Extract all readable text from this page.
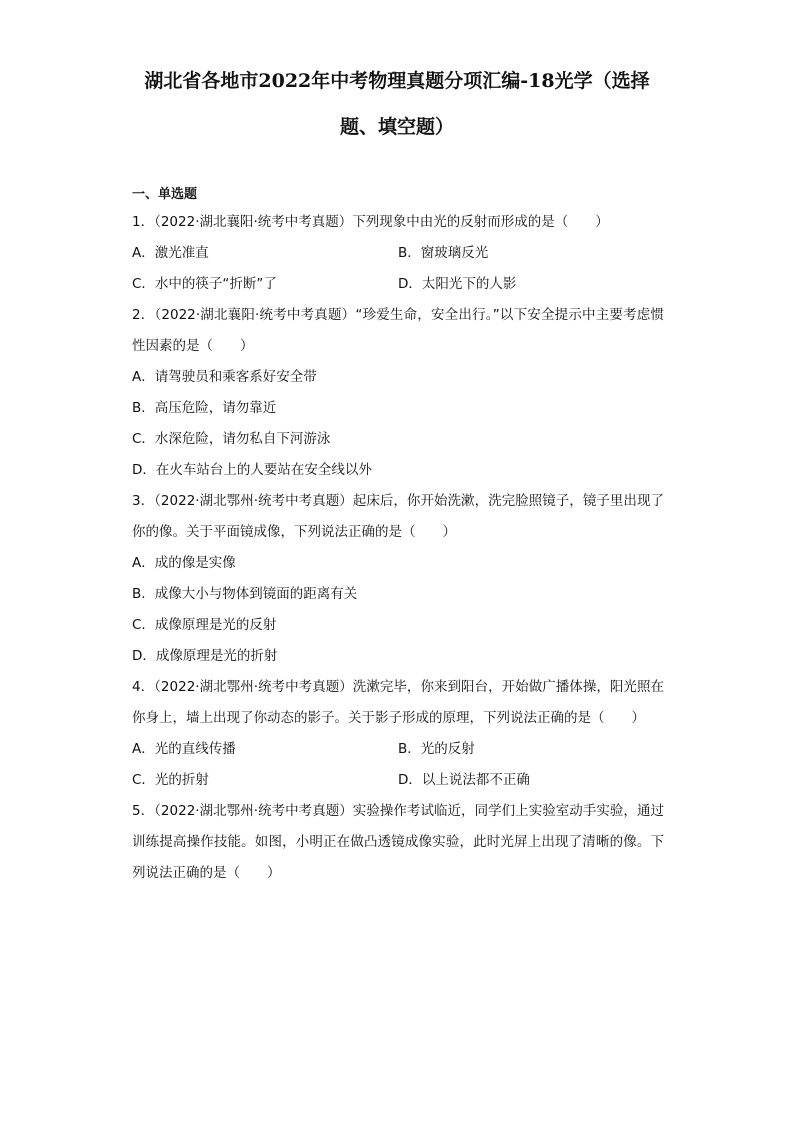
湖北省各地市2022年中考物理真题分项汇编-18光学（选择
题、填空题）
一、单选题
1．（2022·湖北襄阳·统考中考真题）下列现象中由光的反射而形成的是（　　）
A．激光准直	B．窗玻璃反光
C．水中的筷子“折断”了	D．太阳光下的人影
2．（2022·湖北襄阳·统考中考真题）“珍爱生命，安全出行。”以下安全提示中主要考虑惯性因素的是（　　）
A．请驾驶员和乘客系好安全带
B．高压危险，请勿靠近
C．水深危险，请勿私自下河游泳
D．在火车站台上的人要站在安全线以外
3．（2022·湖北鄂州·统考中考真题）起床后，你开始洗漱，洗完脸照镜子，镜子里出现了你的像。关于平面镜成像，下列说法正确的是（　　）
A．成的像是实像
B．成像大小与物体到镜面的距离有关
C．成像原理是光的反射
D．成像原理是光的折射
4．（2022·湖北鄂州·统考中考真题）洗漱完毕，你来到阳台，开始做广播体操，阳光照在你身上，墙上出现了你动态的影子。关于影子形成的原理，下列说法正确的是（　　）
A．光的直线传播	B．光的反射
C．光的折射	D．以上说法都不正确
5．（2022·湖北鄂州·统考中考真题）实验操作考试临近，同学们上实验室动手实验，通过训练提高操作技能。如图，小明正在做凸透镜成像实验，此时光屏上出现了清晰的像。下列说法正确的是（　　）
